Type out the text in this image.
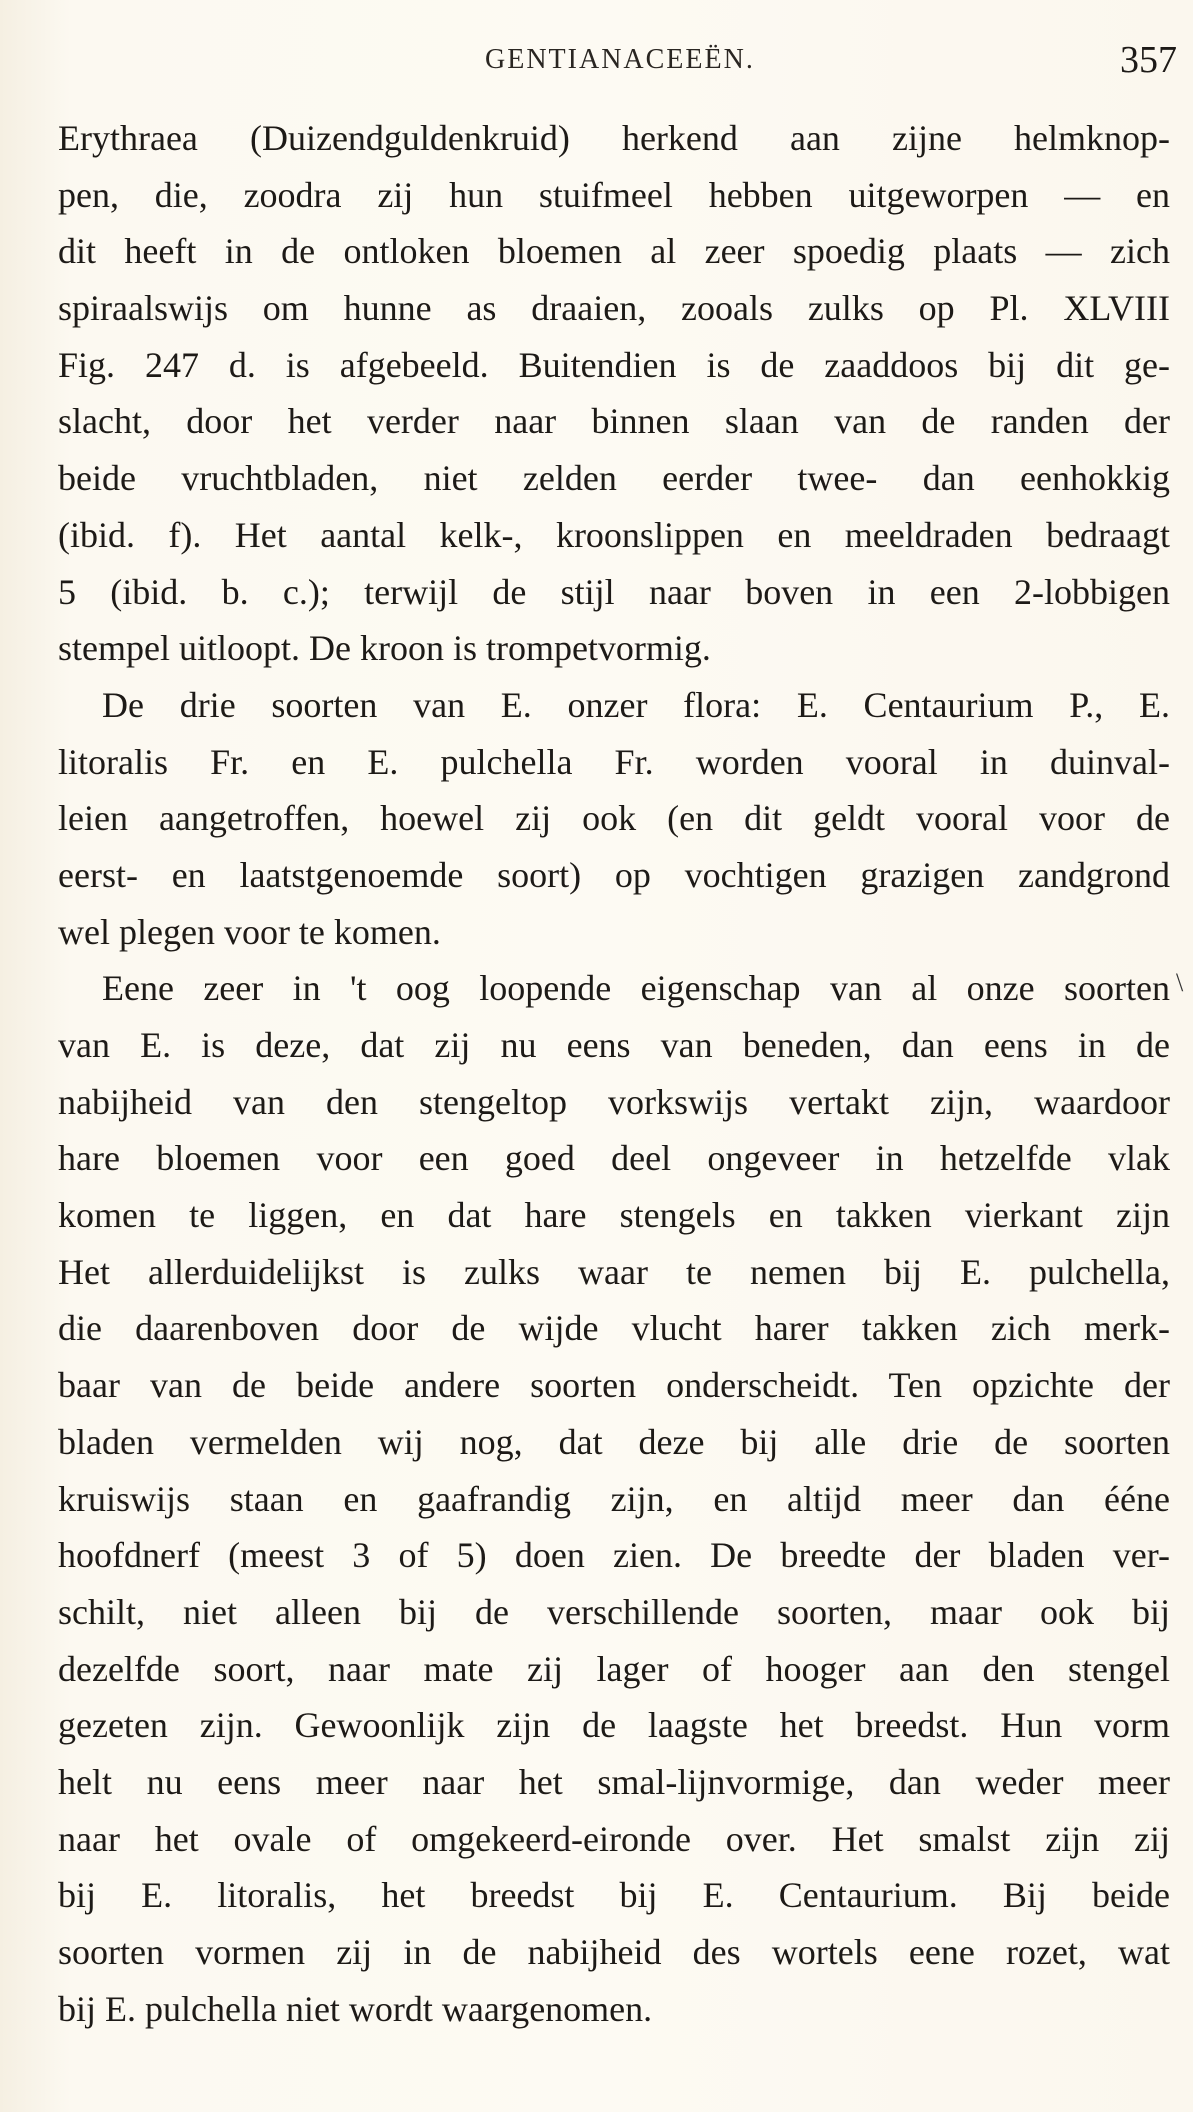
GENTIANACEEËN.	357
Erythraea (Duizendguldenkruid) herkend aan zijne helmknop-
pen, die, zoodra zij hun stuifmeel hebben uitgeworpen — en
dit heeft in de ontloken bloemen al zeer spoedig plaats — zich
spiraalswijs om hunne as draaien, zooals zulks op Pl. XLVIII
Fig. 247 d. is afgebeeld. Buitendien is de zaaddoos bij dit ge-
slacht, door het verder naar binnen slaan van de randen der
beide vruchtbladen, niet zelden eerder twee- dan eenhokkig
(ibid. f). Het aantal kelk-, kroonslippen en meeldraden bedraagt
5 (ibid. b. c.); terwijl de stijl naar boven in een 2-lobbigen
stempel uitloopt. De kroon is trompetvormig.
De drie soorten van E. onzer flora: E. Centaurium P., E.
litoralis Fr. en E. pulchella Fr. worden vooral in duinval-
leien aangetroffen, hoewel zij ook (en dit geldt vooral voor de
eerst- en laatstgenoemde soort) op vochtigen grazigen zandgrond
wel plegen voor te komen.
Eene zeer in 't oog loopende eigenschap van al onze soorten
van E. is deze, dat zij nu eens van beneden, dan eens in de
nabijheid van den stengeltop vorkswijs vertakt zijn, waardoor
hare bloemen voor een goed deel ongeveer in hetzelfde vlak
komen te liggen, en dat hare stengels en takken vierkant zijn
Het allerduidelijkst is zulks waar te nemen bij E. pulchella,
die daarenboven door de wijde vlucht harer takken zich merk-
baar van de beide andere soorten onderscheidt. Ten opzichte der
bladen vermelden wij nog, dat deze bij alle drie de soorten
kruiswijs staan en gaafrandig zijn, en altijd meer dan ééne
hoofdnerf (meest 3 of 5) doen zien. De breedte der bladen ver-
schilt, niet alleen bij de verschillende soorten, maar ook bij
dezelfde soort, naar mate zij lager of hooger aan den stengel
gezeten zijn. Gewoonlijk zijn de laagste het breedst. Hun vorm
helt nu eens meer naar het smal-lijnvormige, dan weder meer
naar het ovale of omgekeerd-eironde over. Het smalst zijn zij
bij E. litoralis, het breedst bij E. Centaurium. Bij beide
soorten vormen zij in de nabijheid des wortels eene rozet, wat
bij E. pulchella niet wordt waargenomen.
\
